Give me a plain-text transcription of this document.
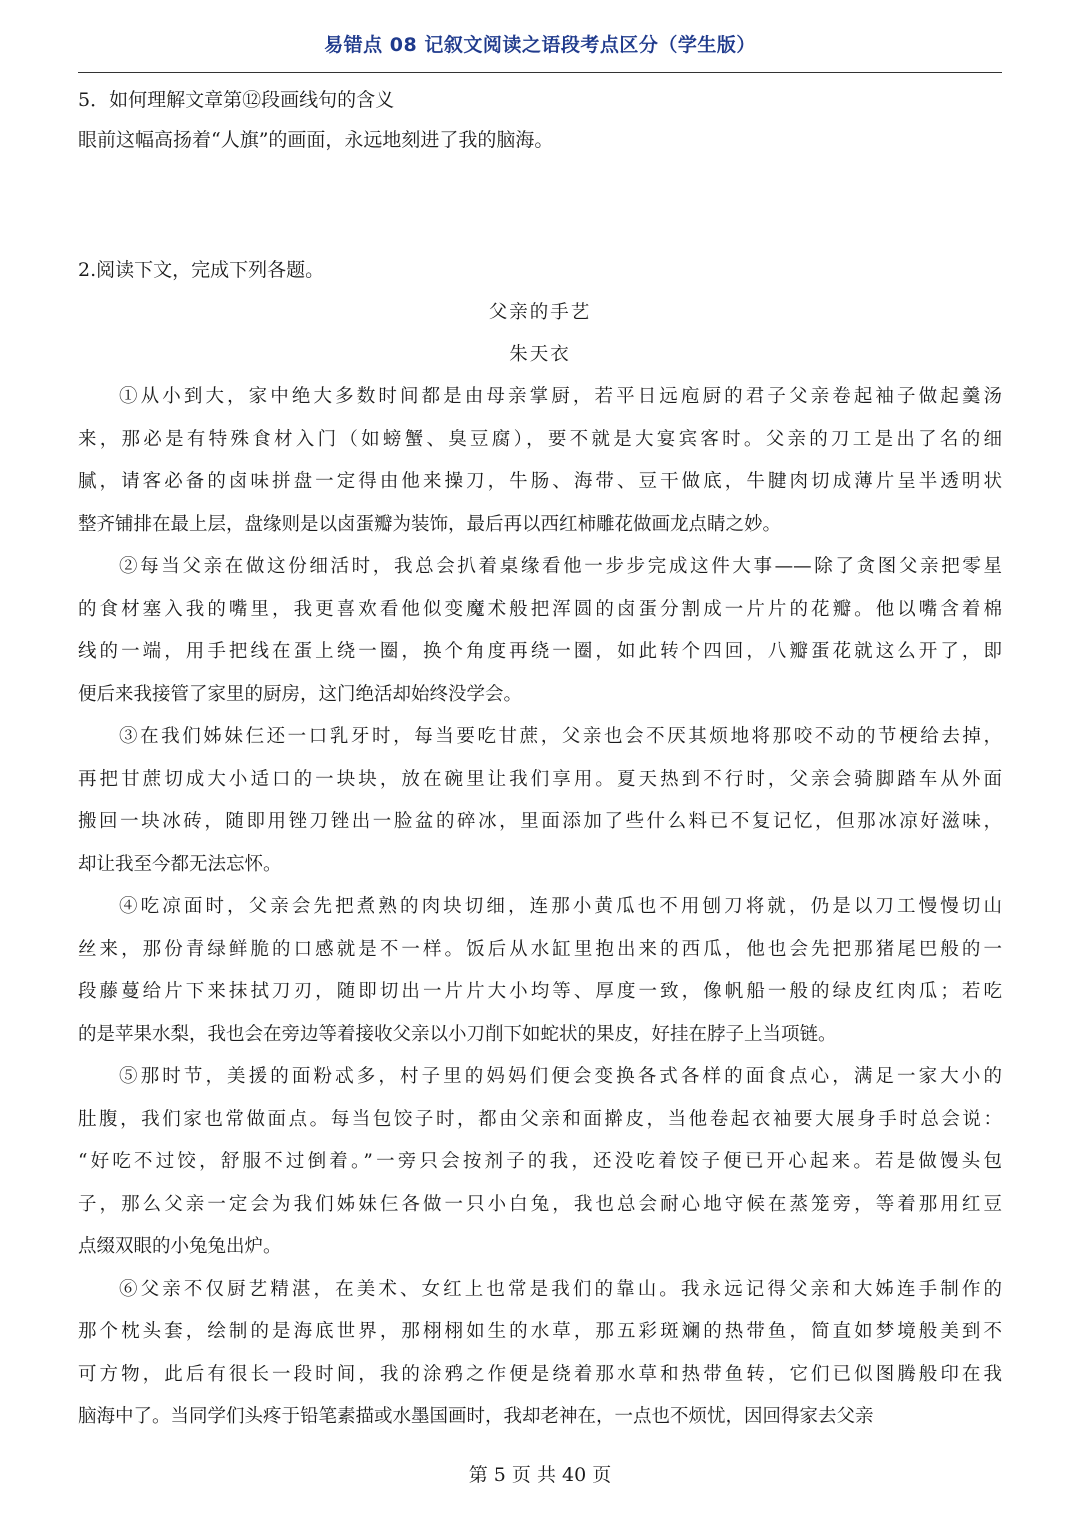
易错点 08 记叙文阅读之语段考点区分（学生版）
5．如何理解文章第⑫段画线句的含义
眼前这幅高扬着“人旗”的画面，永远地刻进了我的脑海。
2.阅读下文，完成下列各题。
父亲的手艺
朱天衣
①从小到大，家中绝大多数时间都是由母亲掌厨，若平日远庖厨的君子父亲卷起袖子做起羹汤
来，那必是有特殊食材入门（如螃蟹、臭豆腐），要不就是大宴宾客时。父亲的刀工是出了名的细
腻，请客必备的卤味拼盘一定得由他来操刀，牛肠、海带、豆干做底，牛腱肉切成薄片呈半透明状
整齐铺排在最上层，盘缘则是以卤蛋瓣为装饰，最后再以西红柿雕花做画龙点睛之妙。
②每当父亲在做这份细活时，我总会扒着桌缘看他一步步完成这件大事——除了贪图父亲把零星
的食材塞入我的嘴里，我更喜欢看他似变魔术般把浑圆的卤蛋分割成一片片的花瓣。他以嘴含着棉
线的一端，用手把线在蛋上绕一圈，换个角度再绕一圈，如此转个四回，八瓣蛋花就这么开了，即
便后来我接管了家里的厨房，这门绝活却始终没学会。
③在我们姊妹仨还一口乳牙时，每当要吃甘蔗，父亲也会不厌其烦地将那咬不动的节梗给去掉，
再把甘蔗切成大小适口的一块块，放在碗里让我们享用。夏天热到不行时，父亲会骑脚踏车从外面
搬回一块冰砖，随即用锉刀锉出一脸盆的碎冰，里面添加了些什么料已不复记忆，但那冰凉好滋味，
却让我至今都无法忘怀。
④吃凉面时，父亲会先把煮熟的肉块切细，连那小黄瓜也不用刨刀将就，仍是以刀工慢慢切山
丝来，那份青绿鲜脆的口感就是不一样。饭后从水缸里抱出来的西瓜，他也会先把那猪尾巴般的一
段藤蔓给片下来抹拭刀刃，随即切出一片片大小均等、厚度一致，像帆船一般的绿皮红肉瓜；若吃
的是苹果水梨，我也会在旁边等着接收父亲以小刀削下如蛇状的果皮，好挂在脖子上当项链。
⑤那时节，美援的面粉忒多，村子里的妈妈们便会变换各式各样的面食点心，满足一家大小的
肚腹，我们家也常做面点。每当包饺子时，都由父亲和面擀皮，当他卷起衣袖要大展身手时总会说：
“好吃不过饺，舒服不过倒着。”一旁只会按剂子的我，还没吃着饺子便已开心起来。若是做馒头包
子，那么父亲一定会为我们姊妹仨各做一只小白兔，我也总会耐心地守候在蒸笼旁，等着那用红豆
点缀双眼的小兔兔出炉。
⑥父亲不仅厨艺精湛，在美术、女红上也常是我们的靠山。我永远记得父亲和大姊连手制作的
那个枕头套，绘制的是海底世界，那栩栩如生的水草，那五彩斑斓的热带鱼，简直如梦境般美到不
可方物，此后有很长一段时间，我的涂鸦之作便是绕着那水草和热带鱼转，它们已似图腾般印在我
脑海中了。当同学们头疼于铅笔素描或水墨国画时，我却老神在，一点也不烦忧，因回得家去父亲
第 5 页 共 40 页
